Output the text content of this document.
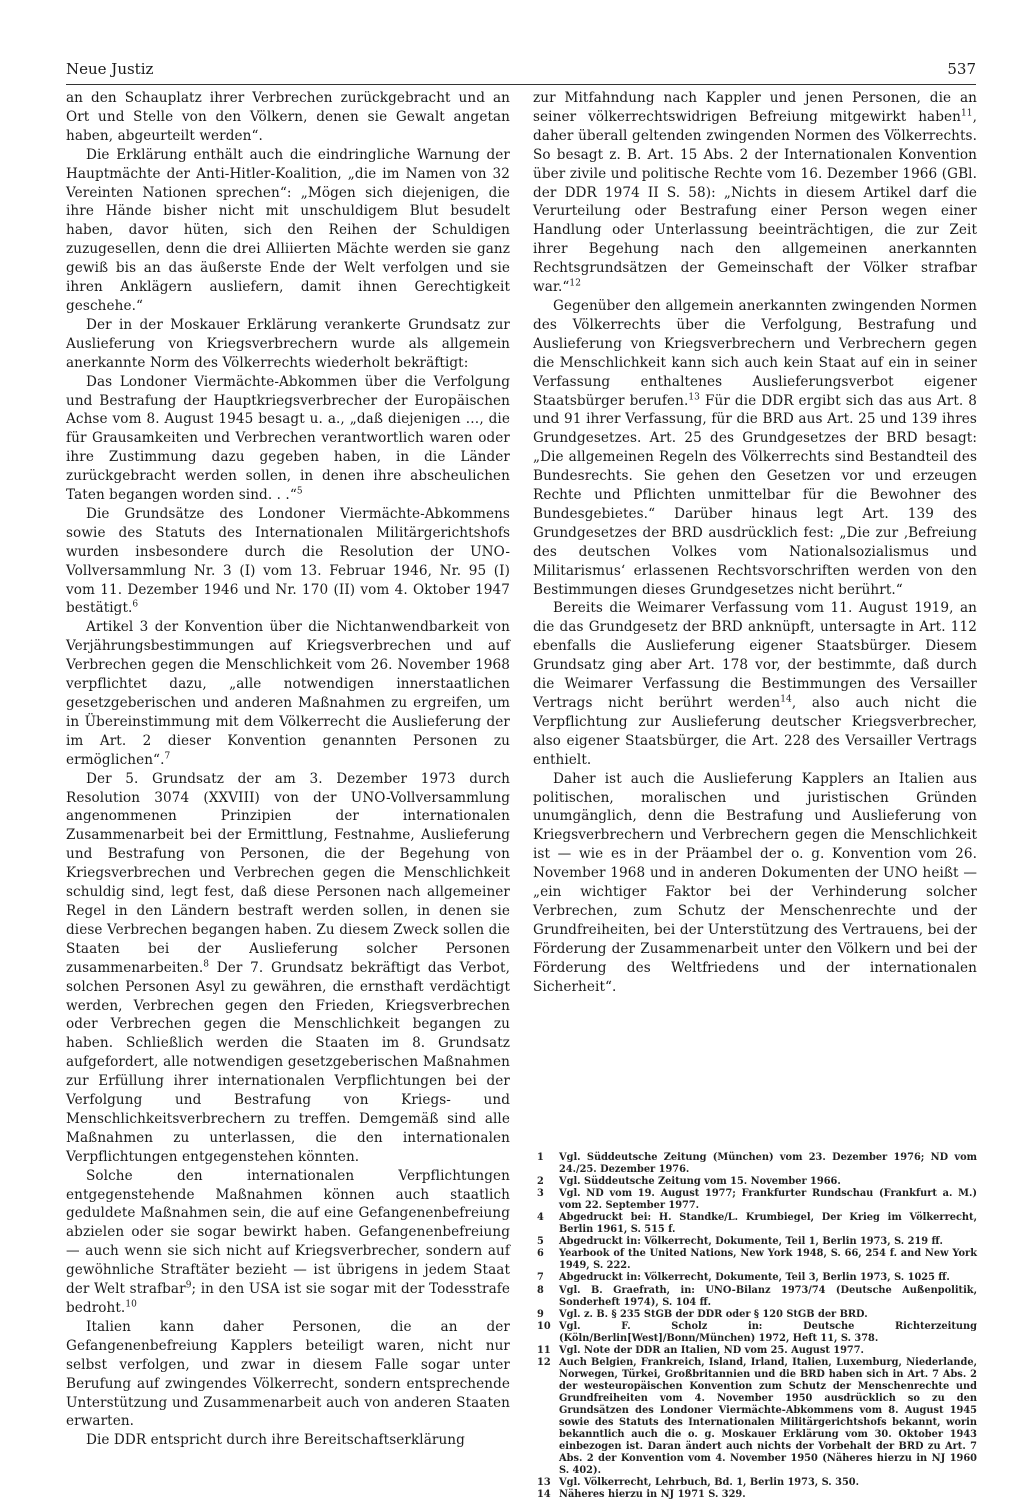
Neue Justiz	537

an den Schauplatz ihrer Verbrechen zurückgebracht und an Ort und Stelle von den Völkern, denen sie Gewalt angetan haben, abgeurteilt werden“.

Die Erklärung enthält auch die eindringliche Warnung der Hauptmächte der Anti-Hitler-Koalition, „die im Namen von 32 Vereinten Nationen sprechen“: „Mögen sich diejenigen, die ihre Hände bisher nicht mit unschuldigem Blut besudelt haben, davor hüten, sich den Reihen der Schuldigen zuzugesellen, denn die drei Alliierten Mächte werden sie ganz gewiß bis an das äußerste Ende der Welt verfolgen und sie ihren Anklägern ausliefern, damit ihnen Gerechtigkeit geschehe.“

Der in der Moskauer Erklärung verankerte Grundsatz zur Auslieferung von Kriegsverbrechern wurde als allgemein anerkannte Norm des Völkerrechts wiederholt bekräftigt:

Das Londoner Viermächte-Abkommen über die Verfolgung und Bestrafung der Hauptkriegsverbrecher der Europäischen Achse vom 8. August 1945 besagt u. a., „daß diejenigen …, die für Grausamkeiten und Verbrechen verantwortlich waren oder ihre Zustimmung dazu gegeben haben, in die Länder zurückgebracht werden sollen, in denen ihre abscheulichen Taten begangen worden sind. . .“$^5$

Die Grundsätze des Londoner Viermächte-Abkommens sowie des Statuts des Internationalen Militärgerichtshofs wurden insbesondere durch die Resolution der UNO-Vollversammlung Nr. 3 (I) vom 13. Februar 1946, Nr. 95 (I) vom 11. Dezember 1946 und Nr. 170 (II) vom 4. Oktober 1947 bestätigt.$^6$

Artikel 3 der Konvention über die Nichtanwendbarkeit von Verjährungsbestimmungen auf Kriegsverbrechen und auf Verbrechen gegen die Menschlichkeit vom 26. November 1968 verpflichtet dazu, „alle notwendigen innerstaatlichen gesetzgeberischen und anderen Maßnahmen zu ergreifen, um in Übereinstimmung mit dem Völkerrecht die Auslieferung der im Art. 2 dieser Konvention genannten Personen zu ermöglichen“.$^7$

Der 5. Grundsatz der am 3. Dezember 1973 durch Resolution 3074 (XXVIII) von der UNO-Vollversammlung angenommenen Prinzipien der internationalen Zusammenarbeit bei der Ermittlung, Festnahme, Auslieferung und Bestrafung von Personen, die der Begehung von Kriegsverbrechen und Verbrechen gegen die Menschlichkeit schuldig sind, legt fest, daß diese Personen nach allgemeiner Regel in den Ländern bestraft werden sollen, in denen sie diese Verbrechen begangen haben. Zu diesem Zweck sollen die Staaten bei der Auslieferung solcher Personen zusammenarbeiten.$^8$ Der 7. Grundsatz bekräftigt das Verbot, solchen Personen Asyl zu gewähren, die ernsthaft verdächtigt werden, Verbrechen gegen den Frieden, Kriegsverbrechen oder Verbrechen gegen die Menschlichkeit begangen zu haben. Schließlich werden die Staaten im 8. Grundsatz aufgefordert, alle notwendigen gesetzgeberischen Maßnahmen zur Erfüllung ihrer internationalen Verpflichtungen bei der Verfolgung und Bestrafung von Kriegs- und Menschlichkeitsverbrechern zu treffen. Demgemäß sind alle Maßnahmen zu unterlassen, die den internationalen Verpflichtungen entgegenstehen könnten.

Solche den internationalen Verpflichtungen entgegenstehende Maßnahmen können auch staatlich geduldete Maßnahmen sein, die auf eine Gefangenenbefreiung abzielen oder sie sogar bewirkt haben. Gefangenenbefreiung — auch wenn sie sich nicht auf Kriegsverbrecher, sondern auf gewöhnliche Straftäter bezieht — ist übrigens in jedem Staat der Welt strafbar$^9$; in den USA ist sie sogar mit der Todesstrafe bedroht.$^{10}$

Italien kann daher Personen, die an der Gefangenenbefreiung Kapplers beteiligt waren, nicht nur selbst verfolgen, und zwar in diesem Falle sogar unter Berufung auf zwingendes Völkerrecht, sondern entsprechende Unterstützung und Zusammenarbeit auch von anderen Staaten erwarten.

Die DDR entspricht durch ihre Bereitschaftserklärung

zur Mitfahndung nach Kappler und jenen Personen, die an seiner völkerrechtswidrigen Befreiung mitgewirkt haben$^{11}$, daher überall geltenden zwingenden Normen des Völkerrechts. So besagt z. B. Art. 15 Abs. 2 der Internationalen Konvention über zivile und politische Rechte vom 16. Dezember 1966 (GBl. der DDR 1974 II S. 58): „Nichts in diesem Artikel darf die Verurteilung oder Bestrafung einer Person wegen einer Handlung oder Unterlassung beeinträchtigen, die zur Zeit ihrer Begehung nach den allgemeinen anerkannten Rechtsgrundsätzen der Gemeinschaft der Völker strafbar war.“$^{12}$

Gegenüber den allgemein anerkannten zwingenden Normen des Völkerrechts über die Verfolgung, Bestrafung und Auslieferung von Kriegsverbrechern und Verbrechern gegen die Menschlichkeit kann sich auch kein Staat auf ein in seiner Verfassung enthaltenes Auslieferungsverbot eigener Staatsbürger berufen.$^{13}$ Für die DDR ergibt sich das aus Art. 8 und 91 ihrer Verfassung, für die BRD aus Art. 25 und 139 ihres Grundgesetzes. Art. 25 des Grundgesetzes der BRD besagt: „Die allgemeinen Regeln des Völkerrechts sind Bestandteil des Bundesrechts. Sie gehen den Gesetzen vor und erzeugen Rechte und Pflichten unmittelbar für die Bewohner des Bundesgebietes.“ Darüber hinaus legt Art. 139 des Grundgesetzes der BRD ausdrücklich fest: „Die zur ‚Befreiung des deutschen Volkes vom Nationalsozialismus und Militarismus‘ erlassenen Rechtsvorschriften werden von den Bestimmungen dieses Grundgesetzes nicht berührt.“

Bereits die Weimarer Verfassung vom 11. August 1919, an die das Grundgesetz der BRD anknüpft, untersagte in Art. 112 ebenfalls die Auslieferung eigener Staatsbürger. Diesem Grundsatz ging aber Art. 178 vor, der bestimmte, daß durch die Weimarer Verfassung die Bestimmungen des Versailler Vertrags nicht berührt werden$^{14}$, also auch nicht die Verpflichtung zur Auslieferung deutscher Kriegsverbrecher, also eigener Staatsbürger, die Art. 228 des Versailler Vertrags enthielt.

Daher ist auch die Auslieferung Kapplers an Italien aus politischen, moralischen und juristischen Gründen unumgänglich, denn die Bestrafung und Auslieferung von Kriegsverbrechern und Verbrechern gegen die Menschlichkeit ist — wie es in der Präambel der o. g. Konvention vom 26. November 1968 und in anderen Dokumenten der UNO heißt — „ein wichtiger Faktor bei der Verhinderung solcher Verbrechen, zum Schutz der Menschenrechte und der Grundfreiheiten, bei der Unterstützung des Vertrauens, bei der Förderung der Zusammenarbeit unter den Völkern und bei der Förderung des Weltfriedens und der internationalen Sicherheit“.

1	Vgl. Süddeutsche Zeitung (München) vom 23. Dezember 1976; ND vom 24./25. Dezember 1976.
2	Vgl. Süddeutsche Zeitung vom 15. November 1966.
3	Vgl. ND vom 19. August 1977; Frankfurter Rundschau (Frankfurt a. M.) vom 22. September 1977.
4	Abgedruckt bei: H. Standke/L. Krumbiegel, Der Krieg im Völkerrecht, Berlin 1961, S. 515 f.
5	Abgedruckt in: Völkerrecht, Dokumente, Teil 1, Berlin 1973, S. 219 ff.
6	Yearbook of the United Nations, New York 1948, S. 66, 254 f. and New York 1949, S. 222.
7	Abgedruckt in: Völkerrecht, Dokumente, Teil 3, Berlin 1973, S. 1025 ff.
8	Vgl. B. Graefrath, in: UNO-Bilanz 1973/74 (Deutsche Außenpolitik, Sonderheft 1974), S. 104 ff.
9	Vgl. z. B. § 235 StGB der DDR oder § 120 StGB der BRD.
10 Vgl. F. Scholz in: Deutsche Richterzeitung (Köln/Berlin[West]/Bonn/München) 1972, Heft 11, S. 378.
11 Vgl. Note der DDR an Italien, ND vom 25. August 1977.
12 Auch Belgien, Frankreich, Island, Irland, Italien, Luxemburg, Niederlande, Norwegen, Türkei, Großbritannien und die BRD haben sich in Art. 7 Abs. 2 der westeuropäischen Konvention zum Schutz der Menschenrechte und Grundfreiheiten vom 4. November 1950 ausdrücklich so zu den Grundsätzen des Londoner Viermächte-Abkommens vom 8. August 1945 sowie des Statuts des Internationalen Militärgerichtshofs bekannt, worin bekanntlich auch die o. g. Moskauer Erklärung vom 30. Oktober 1943 einbezogen ist. Daran ändert auch nichts der Vorbehalt der BRD zu Art. 7 Abs. 2 der Konvention vom 4. November 1950 (Näheres hierzu in NJ 1960 S. 402).
13 Vgl. Völkerrecht, Lehrbuch, Bd. 1, Berlin 1973, S. 350.
14 Näheres hierzu in NJ 1971 S. 329.
